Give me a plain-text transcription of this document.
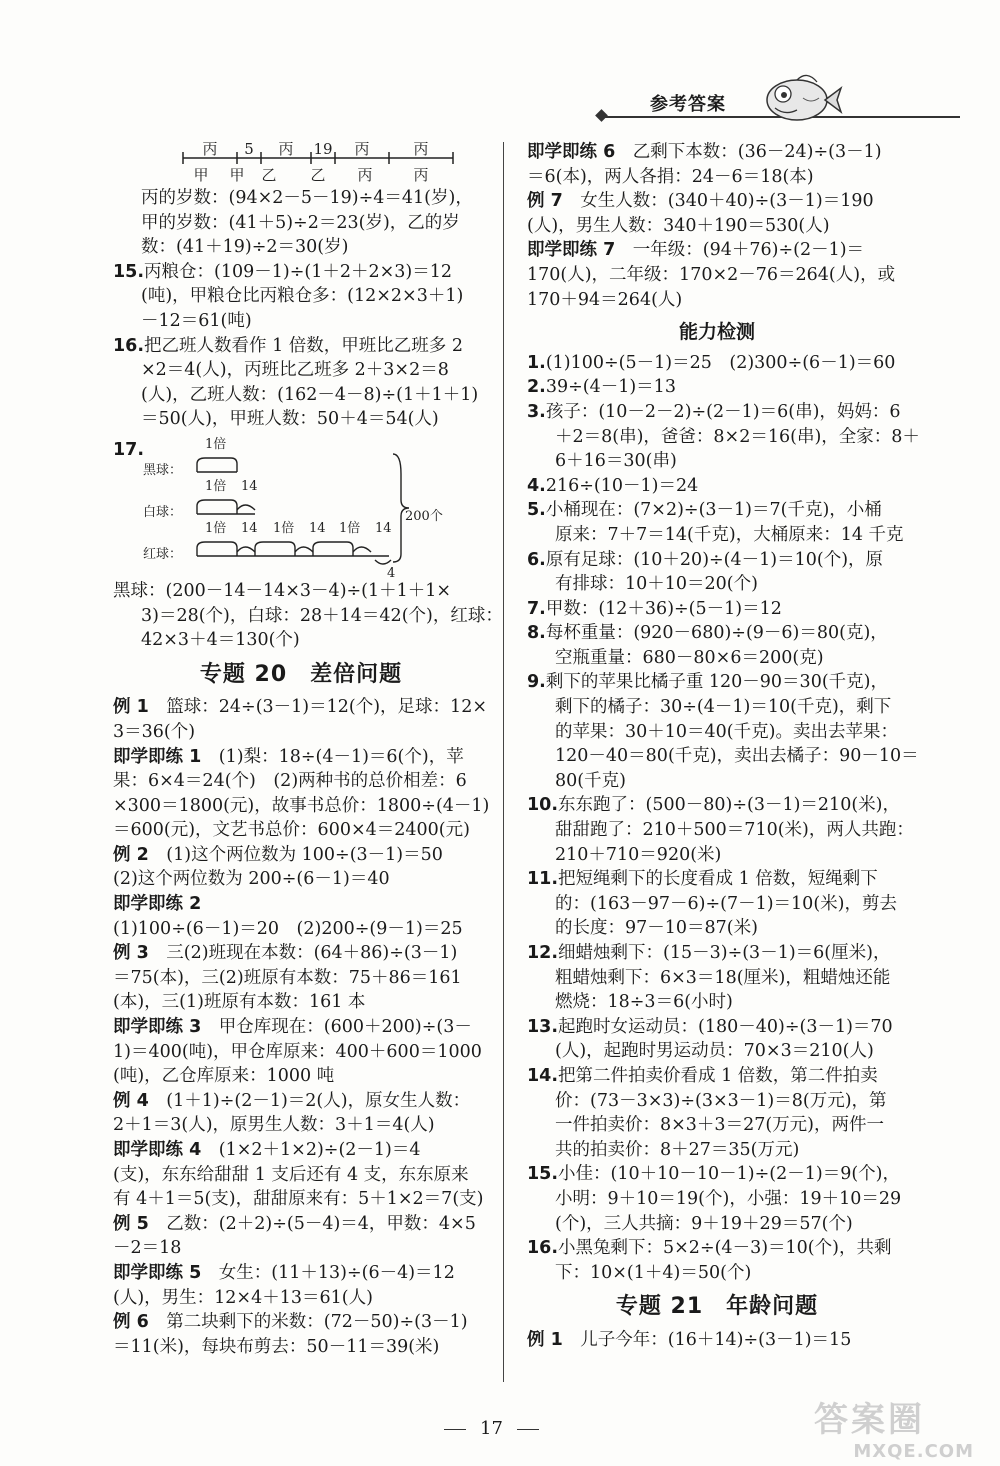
参考答案
丙 5 丙 19 丙	丙
甲 甲 乙 乙 丙	丙
丙的岁数：(94×2－5－19)÷4＝41(岁)，
甲的岁数：(41＋5)÷2＝23(岁)，乙的岁
数：(41＋19)÷2＝30(岁)
15.丙粮仓：(109－1)÷(1＋2＋2×3)＝12
(吨)，甲粮仓比丙粮仓多：(12×2×3＋1)
－12＝61(吨)
16.把乙班人数看作 1 倍数，甲班比乙班多 2
×2＝4(人)，丙班比乙班多 2＋3×2＝8
(人)，乙班人数：(162－4－8)÷(1＋1＋1)
＝50(人)，甲班人数：50＋4＝54(人)
17.
黑球：
白球：
红球：
1倍
1倍 14
1倍 14 1倍 14 1倍 14
200个
4
黑球：(200－14－14×3－4)÷(1＋1＋1×
3)＝28(个)，白球：28＋14＝42(个)，红球：
42×3＋4＝130(个)
专题 20　差倍问题
例 1　 篮球：24÷(3－1)＝12(个)，足球：12×
3＝36(个)
即学即练 1　 (1)梨：18÷(4－1)＝6(个)，苹
果：6×4＝24(个)　(2)两种书的总价相差：6
×300＝1800(元)，故事书总价：1800÷(4－1)
＝600(元)，文艺书总价：600×4＝2400(元)
例 2　 (1)这个两位数为 100÷(3－1)＝50
(2)这个两位数为 200÷(6－1)＝40
即学即练 2
(1)100÷(6－1)＝20　(2)200÷(9－1)＝25
例 3　 三(2)班现在本数：(64＋86)÷(3－1)
＝75(本)，三(2)班原有本数：75＋86＝161
(本)，三(1)班原有本数：161 本
即学即练 3　 甲仓库现在：(600＋200)÷(3－
1)＝400(吨)，甲仓库原来：400＋600＝1000
(吨)，乙仓库原来：1000 吨
例 4　 (1＋1)÷(2－1)＝2(人)，原女生人数：
2＋1＝3(人)，原男生人数：3＋1＝4(人)
即学即练 4　 (1×2＋1×2)÷(2－1)＝4
(支)，东东给甜甜 1 支后还有 4 支，东东原来
有 4＋1＝5(支)，甜甜原来有：5＋1×2＝7(支)
例 5　 乙数：(2＋2)÷(5－4)＝4，甲数：4×5
－2＝18
即学即练 5　 女生：(11＋13)÷(6－4)＝12
(人)，男生：12×4＋13＝61(人)
例 6　 第二块剩下的米数：(72－50)÷(3－1)
＝11(米)，每块布剪去：50－11＝39(米)
即学即练 6　 乙剩下本数：(36－24)÷(3－1)
＝6(本)，两人各捐：24－6＝18(本)
例 7　 女生人数：(340＋40)÷(3－1)＝190
(人)，男生人数：340＋190＝530(人)
即学即练 7　 一年级：(94＋76)÷(2－1)＝
170(人)，二年级：170×2－76＝264(人)，或
170＋94＝264(人)
能力检测
1.(1)100÷(5－1)＝25　(2)300÷(6－1)＝60
2.39÷(4－1)＝13
3.孩子：(10－2－2)÷(2－1)＝6(串)，妈妈：6
＋2＝8(串)，爸爸：8×2＝16(串)，全家：8＋
6＋16＝30(串)
4.216÷(10－1)＝24
5.小桶现在：(7×2)÷(3－1)＝7(千克)，小桶
原来：7＋7＝14(千克)，大桶原来：14 千克
6.原有足球：(10＋20)÷(4－1)＝10(个)，原
有排球：10＋10＝20(个)
7.甲数：(12＋36)÷(5－1)＝12
8.每杯重量：(920－680)÷(9－6)＝80(克)，
空瓶重量：680－80×6＝200(克)
9.剩下的苹果比橘子重 120－90＝30(千克)，
剩下的橘子：30÷(4－1)＝10(千克)，剩下
的苹果：30＋10＝40(千克)。卖出去苹果：
120－40＝80(千克)，卖出去橘子：90－10＝
80(千克)
10.东东跑了：(500－80)÷(3－1)＝210(米)，
甜甜跑了：210＋500＝710(米)，两人共跑：
210＋710＝920(米)
11.把短绳剩下的长度看成 1 倍数，短绳剩下
的：(163－97－6)÷(7－1)＝10(米)，剪去
的长度：97－10＝87(米)
12.细蜡烛剩下：(15－3)÷(3－1)＝6(厘米)，
粗蜡烛剩下：6×3＝18(厘米)，粗蜡烛还能
燃烧：18÷3＝6(小时)
13.起跑时女运动员：(180－40)÷(3－1)＝70
(人)，起跑时男运动员：70×3＝210(人)
14.把第二件拍卖价看成 1 倍数，第二件拍卖
价：(73－3×3)÷(3×3－1)＝8(万元)，第
一件拍卖价：8×3＋3＝27(万元)，两件一
共的拍卖价：8＋27＝35(万元)
15.小佳：(10＋10－10－1)÷(2－1)＝9(个)，
小明：9＋10＝19(个)，小强：19＋10＝29
(个)，三人共摘：9＋19＋29＝57(个)
16.小黑兔剩下：5×2÷(4－3)＝10(个)，共剩
下：10×(1＋4)＝50(个)
专题 21　年龄问题
例 1　 儿子今年：(16＋14)÷(3－1)＝15
17	答案圈
MXQE.COM
